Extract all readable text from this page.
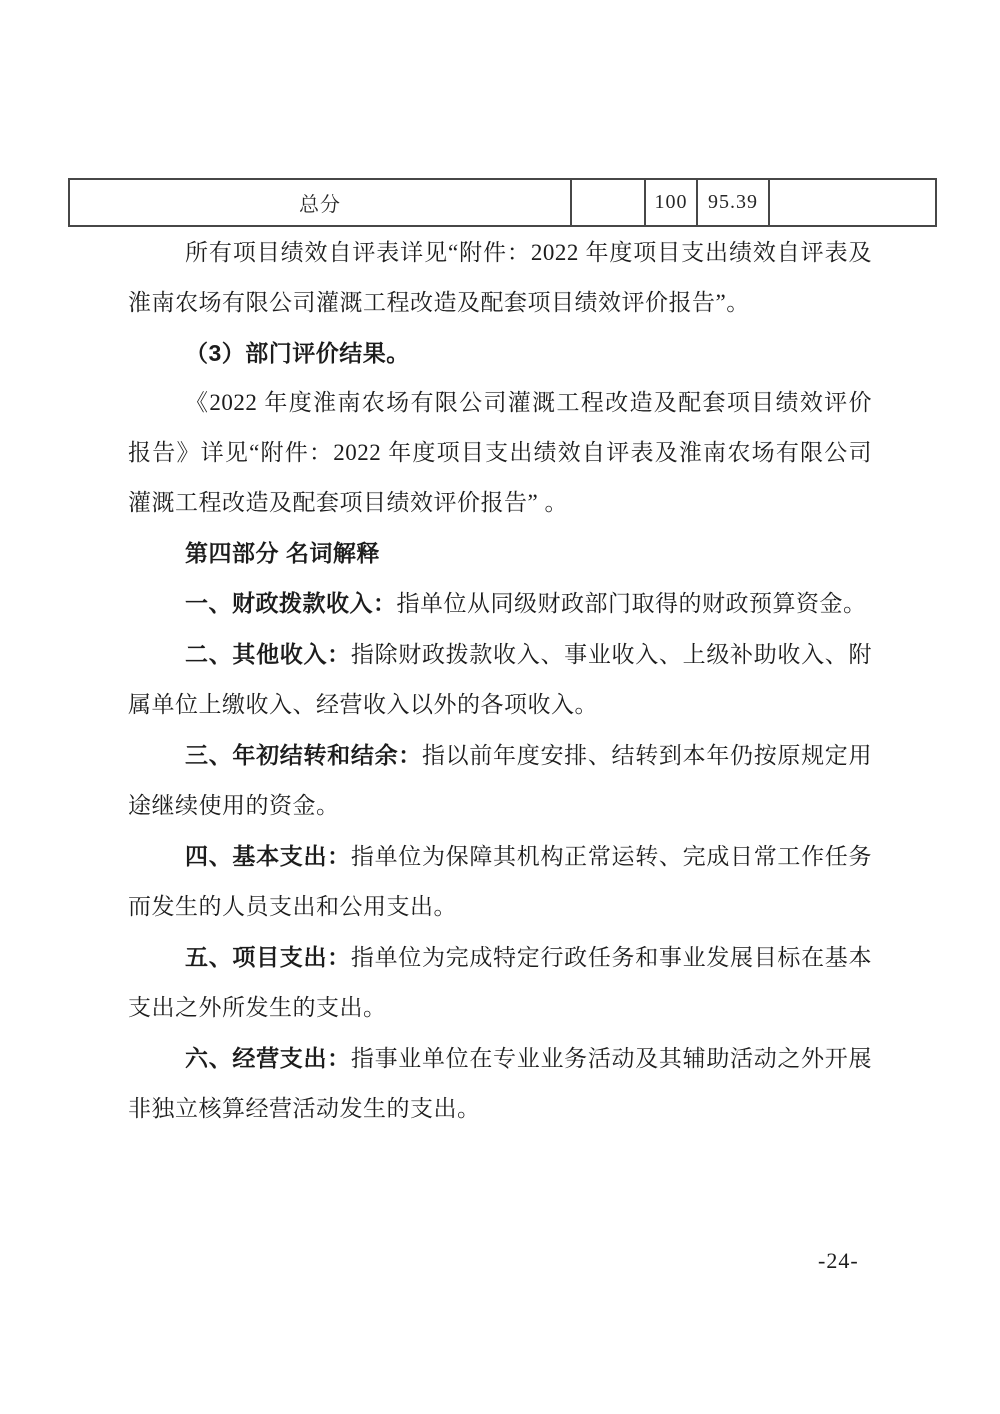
总分		100	95.39	

所有项目绩效自评表详见“附件：2022 年度项目支出绩效自评表及淮南农场有限公司灌溉工程改造及配套项目绩效评价报告”。

（3）部门评价结果。

《2022 年度淮南农场有限公司灌溉工程改造及配套项目绩效评价报告》详见“附件：2022 年度项目支出绩效自评表及淮南农场有限公司灌溉工程改造及配套项目绩效评价报告” 。

第四部分 名词解释

一、财政拨款收入：指单位从同级财政部门取得的财政预算资金。

二、其他收入：指除财政拨款收入、事业收入、上级补助收入、附属单位上缴收入、经营收入以外的各项收入。

三、年初结转和结余：指以前年度安排、结转到本年仍按原规定用途继续使用的资金。

四、基本支出：指单位为保障其机构正常运转、完成日常工作任务而发生的人员支出和公用支出。

五、项目支出：指单位为完成特定行政任务和事业发展目标在基本支出之外所发生的支出。

六、经营支出：指事业单位在专业业务活动及其辅助活动之外开展非独立核算经营活动发生的支出。

-24-
